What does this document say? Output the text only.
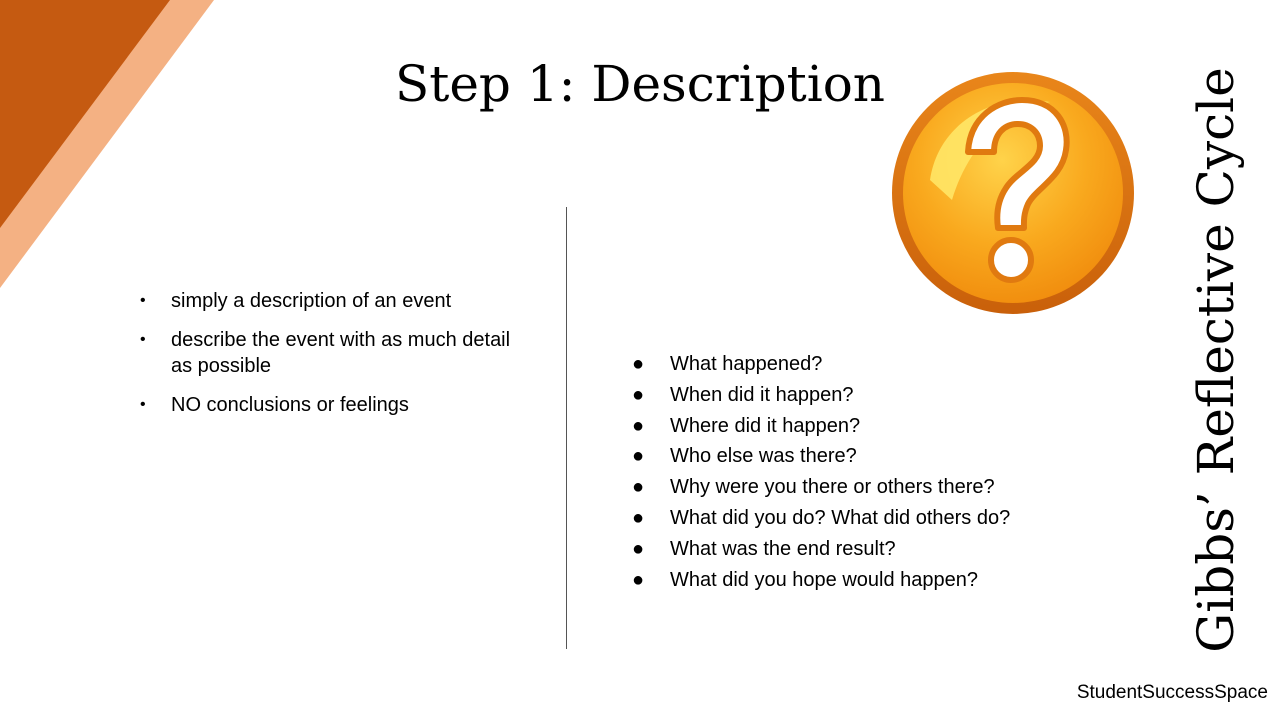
Step 1: Description
• simply a description of an event
• describe the event with as much detail as possible
• NO conclusions or feelings
● What happened?
● When did it happen?
● Where did it happen?
● Who else was there?
● Why were you there or others there?
● What did you do? What did others do?
● What was the end result?
● What did you hope would happen?	Gibbs’ Reflective Cycle
StudentSuccessSpace
